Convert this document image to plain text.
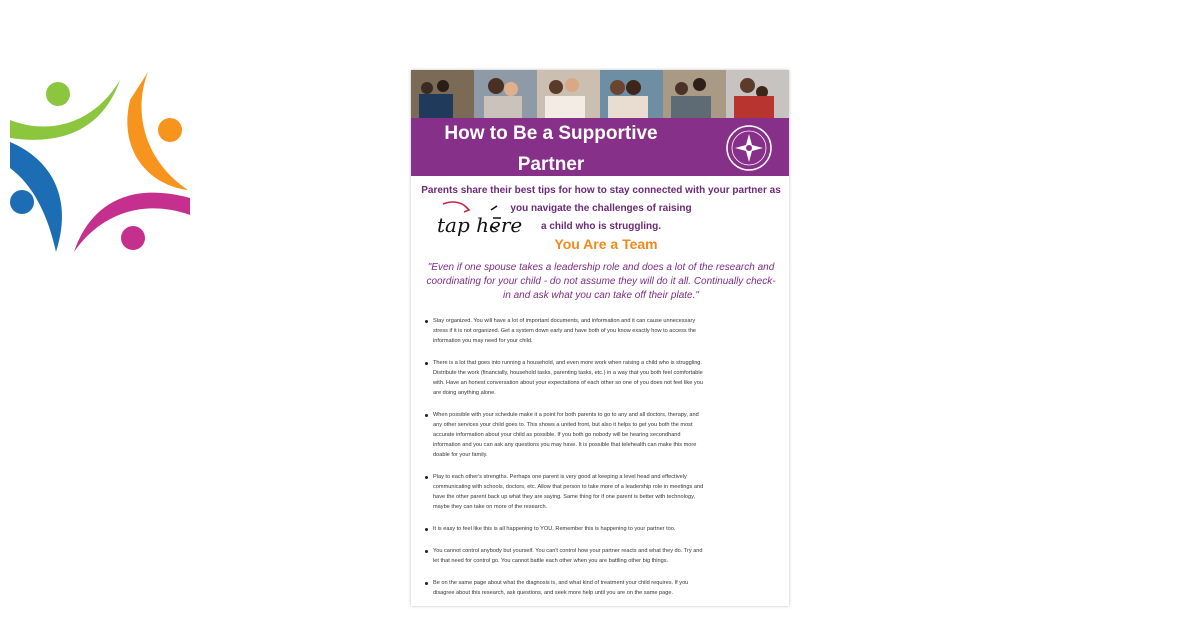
How to Be a Supportive
Partner
Parents share their best tips for how to stay connected with your partner as
you navigate the challenges of raising
a child who is struggling.
tap here
You Are a Team
"Even if one spouse takes a leadership role and does a lot of the research and coordinating for your child - do not assume they will do it all. Continually check-in and ask what you can take off their plate."
Stay organized. You will have a lot of important documents, and information and it can cause unnecessary
stress if it is not organized. Get a system down early and have both of you know exactly how to access the
information you may need for your child.
There is a lot that goes into running a household, and even more work when raising a child who is struggling.
Distribute the work (financially, household tasks, parenting tasks, etc.) in a way that you both feel comfortable
with. Have an honest conversation about your expectations of each other so one of you does not feel like you
are doing anything alone.
When possible with your schedule make it a point for both parents to go to any and all doctors, therapy, and
any other services your child goes to. This shows a united front, but also it helps to get you both the most
accurate information about your child as possible. If you both go nobody will be hearing secondhand
information and you can ask any questions you may have. It is possible that telehealth can make this more
doable for your family.
Play to each other's strengths. Perhaps one parent is very good at keeping a level head and effectively
communicating with schools, doctors, etc. Allow that person to take more of a leadership role in meetings and
have the other parent back up what they are saying. Same thing for if one parent is better with technology,
maybe they can take on more of the research.
It is easy to feel like this is all happening to YOU. Remember this is happening to your partner too.
You cannot control anybody but yourself. You can't control how your partner reacts and what they do. Try and
let that need for control go. You cannot battle each other when you are battling other big things.
Be on the same page about what the diagnosis is, and what kind of treatment your child requires. If you
disagree about this research, ask questions, and seek more help until you are on the same page.
